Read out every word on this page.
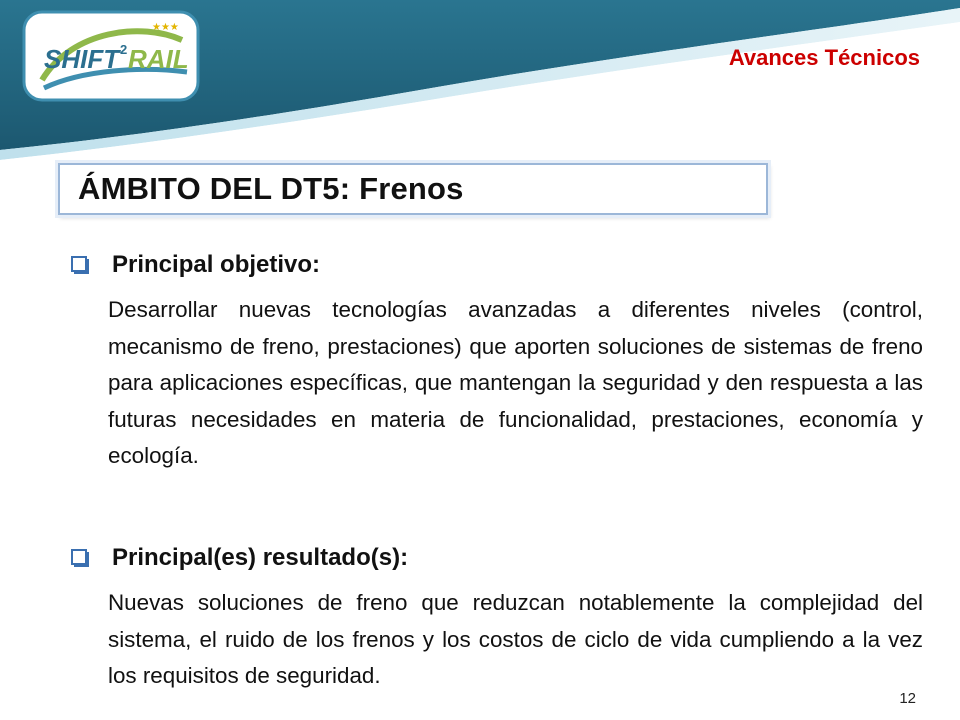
SHIFT 2 RAIL
★★★
Avances Técnicos
ÁMBITO DEL DT5: Frenos
Principal objetivo:
Desarrollar nuevas tecnologías avanzadas a diferentes niveles (control, mecanismo de freno, prestaciones) que aporten soluciones de sistemas de freno para aplicaciones específicas, que mantengan la seguridad y den respuesta a las futuras necesidades en materia de funcionalidad, prestaciones, economía y ecología.
Principal(es) resultado(s):
Nuevas soluciones de freno que reduzcan notablemente la complejidad del sistema, el ruido de los frenos y los costos de ciclo de vida cumpliendo a la vez los requisitos de seguridad.
12
